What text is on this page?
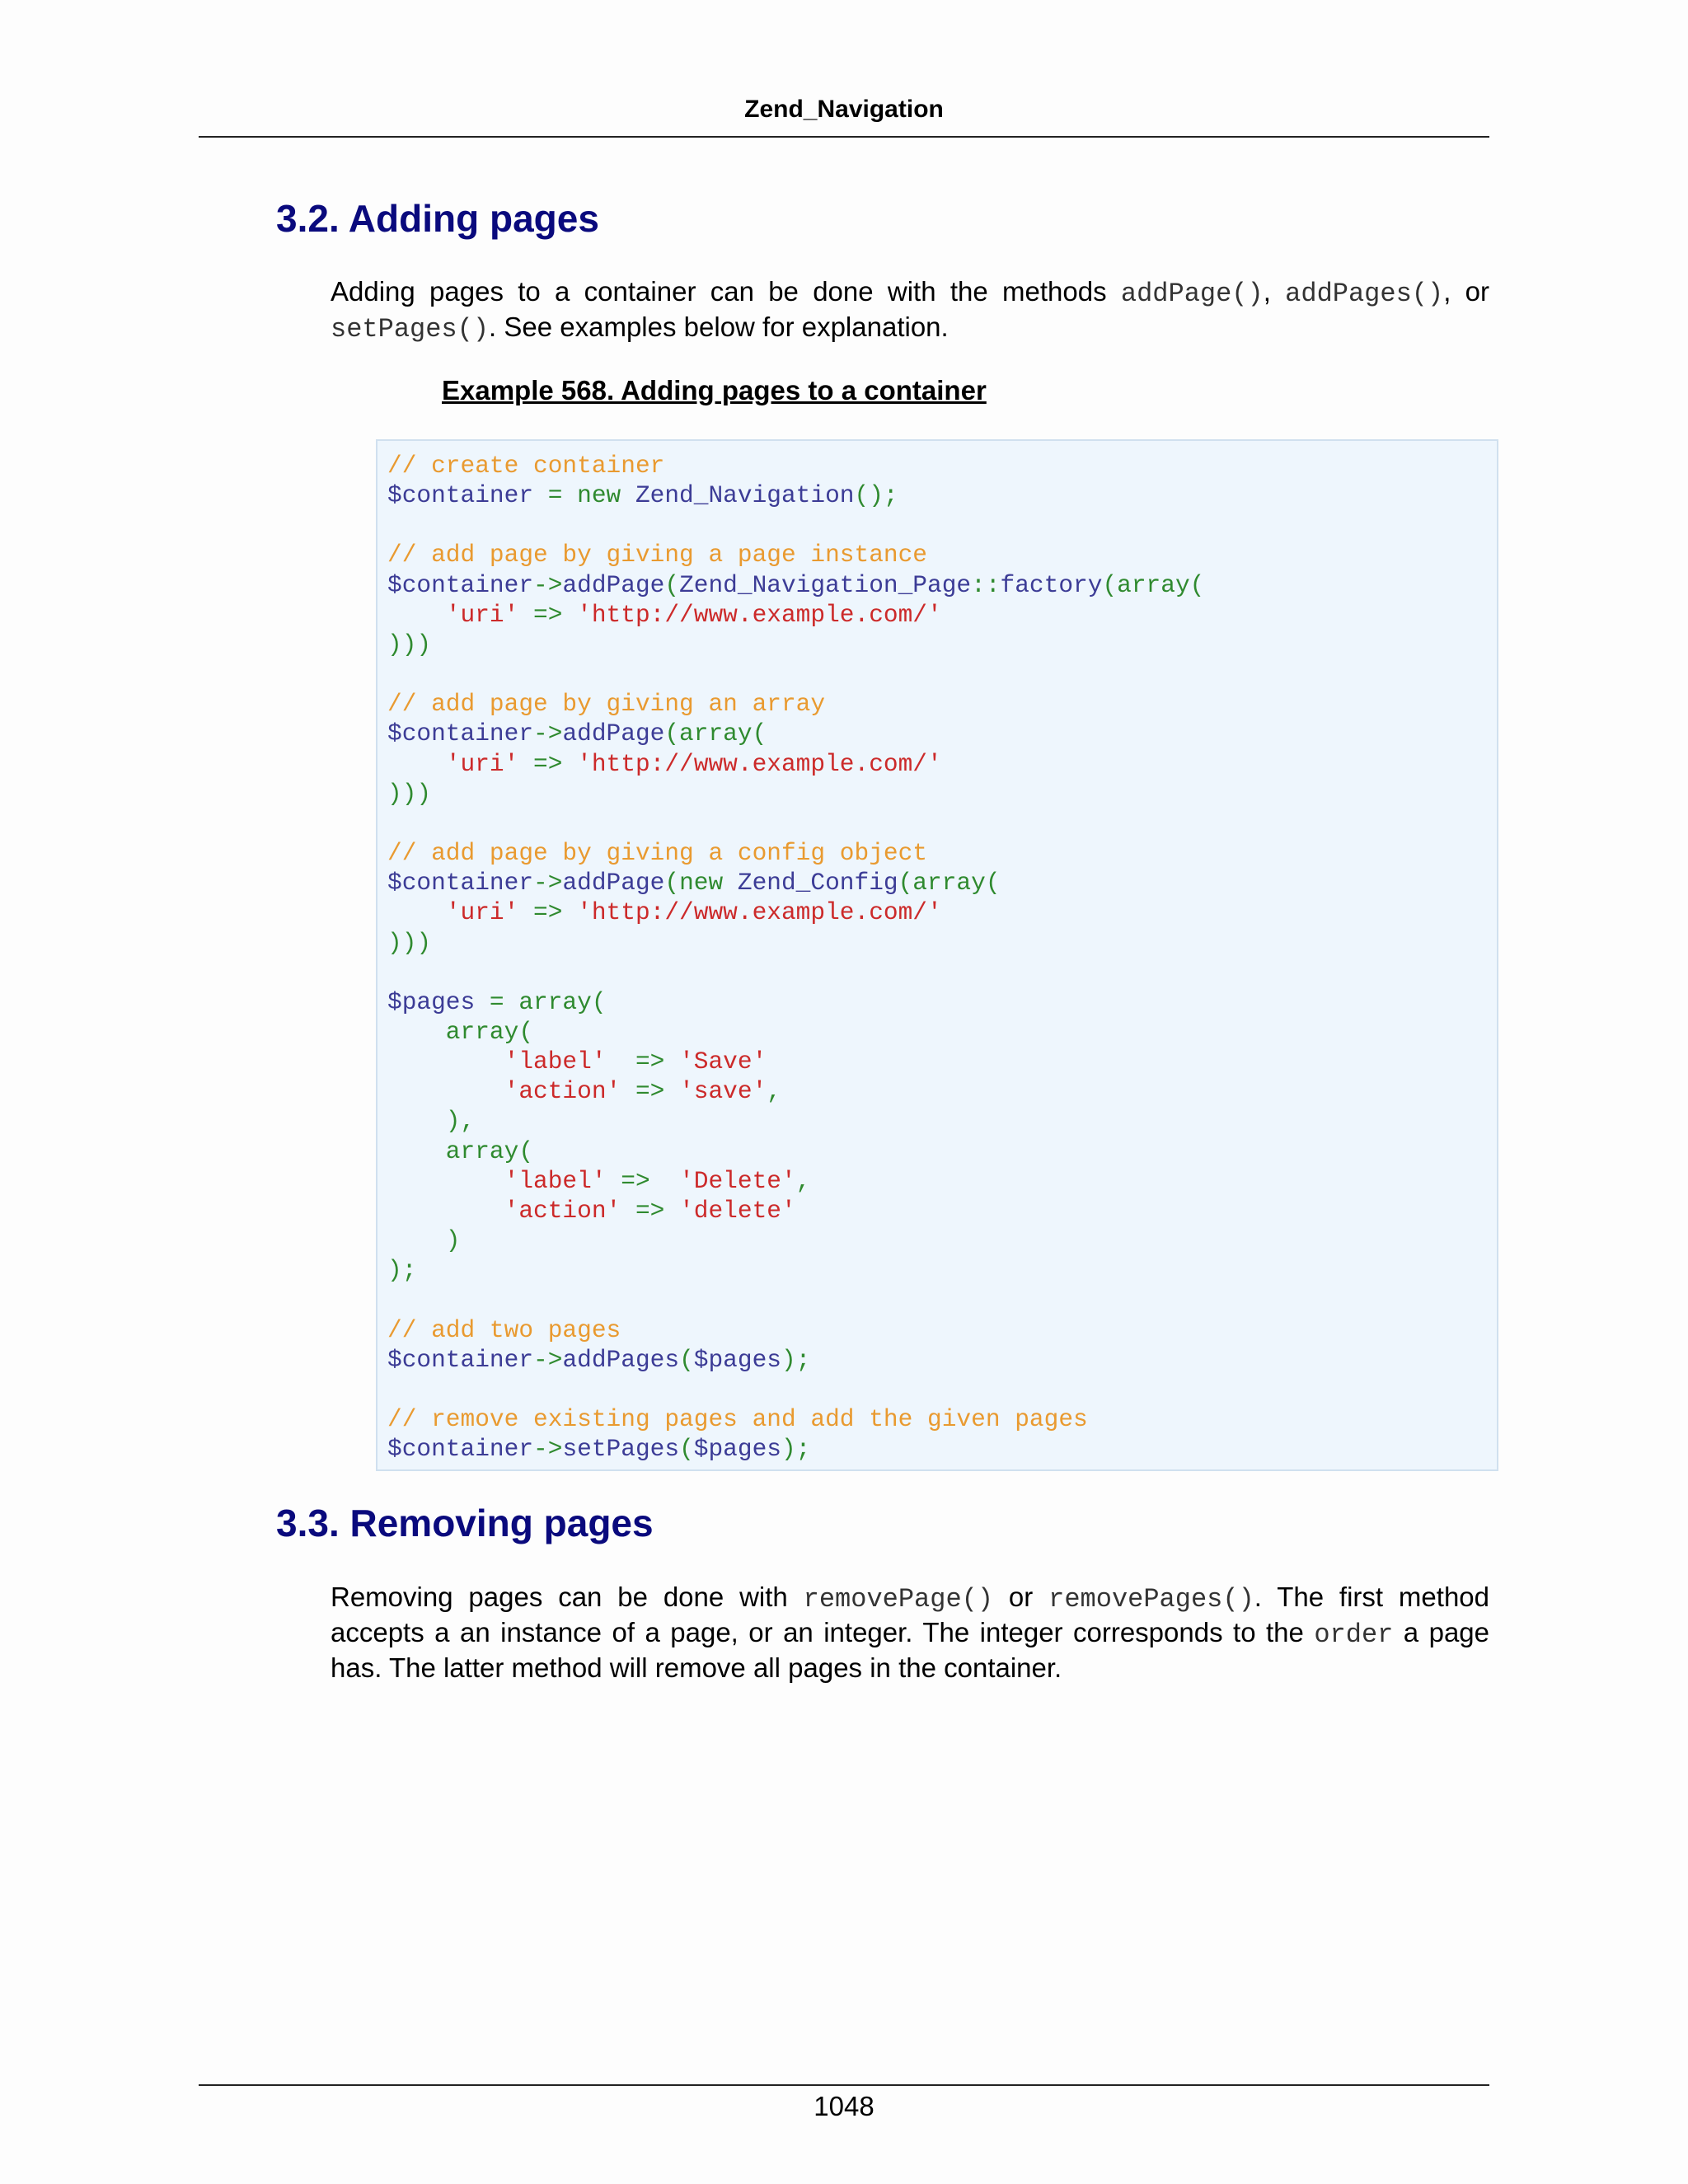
Zend_Navigation
3.2. Adding pages

Adding pages to a container can be done with the methods addPage(), addPages(), or setPages(). See examples below for explanation.

Example 568. Adding pages to a container

// create container
$container = new Zend_Navigation();

// add page by giving a page instance
$container->addPage(Zend_Navigation_Page::factory(array(
'uri' => 'http://www.example.com/'
)))

// add page by giving an array
$container->addPage(array(
'uri' => 'http://www.example.com/'
)))

// add page by giving a config object
$container->addPage(new Zend_Config(array(
'uri' => 'http://www.example.com/'
)))

$pages = array(
array(
'label'  => 'Save'
'action' => 'save',
),
array(
'label' =>  'Delete',
'action' => 'delete'
)
);

// add two pages
$container->addPages($pages);

// remove existing pages and add the given pages
$container->setPages($pages);
3.3. Removing pages

Removing pages can be done with removePage() or removePages(). The first method accepts a an instance of a page, or an integer. The integer corresponds to the order a page has. The latter method will remove all pages in the container.

1048
